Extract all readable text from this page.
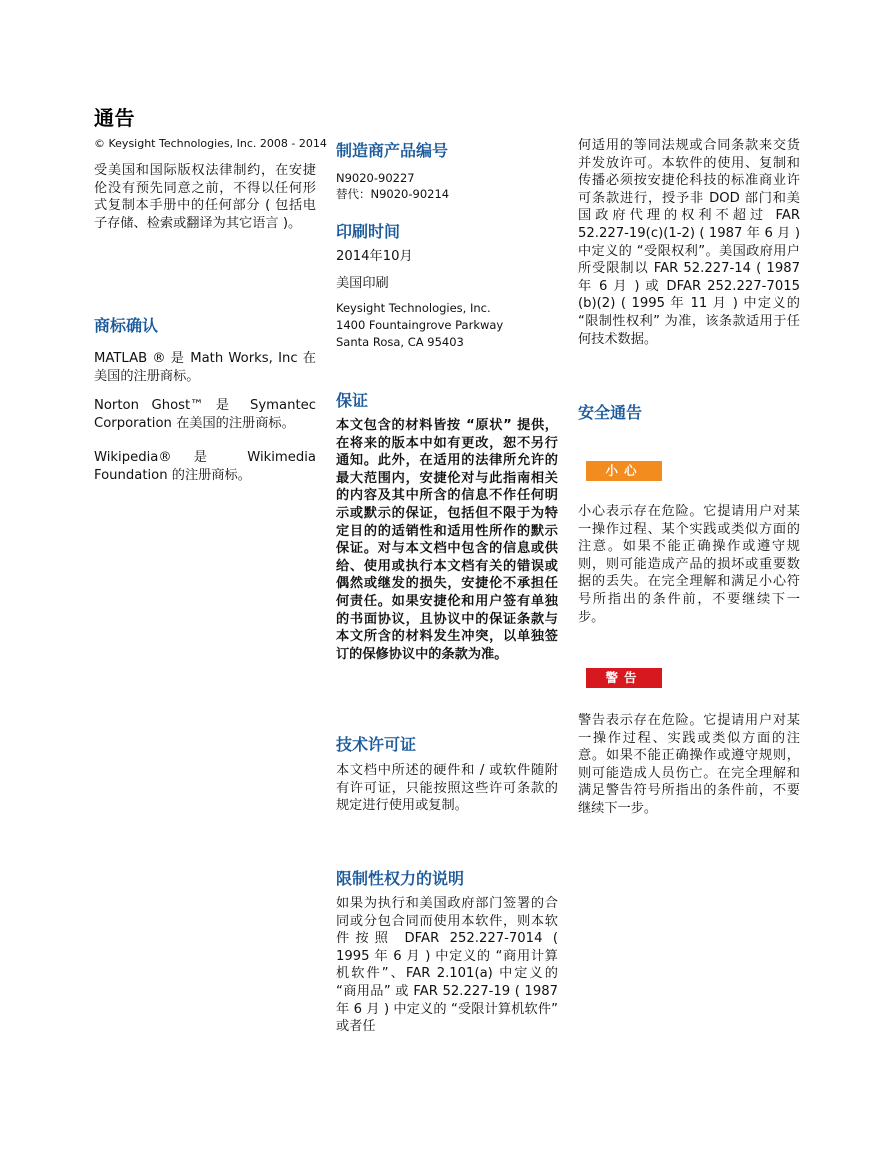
通告
© Keysight Technologies, Inc. 2008 - 2014

受美国和国际版权法律制约，在安捷伦没有预先同意之前，不得以任何形式复制本手册中的任何部分 ( 包括电子存储、检索或翻译为其它语言 )。

商标确认

MATLAB ® 是 Math Works, Inc 在美国的注册商标。

Norton Ghost™ 是 Symantec Corporation 在美国的注册商标。

Wikipedia® 是 Wikimedia Foundation 的注册商标。

制造商产品编号
N9020-90227
替代：N9020-90214
印刷时间
2014年10月
美国印刷
Keysight Technologies, Inc.
1400 Fountaingrove Parkway
Santa Rosa, CA 95403
保证

本文包含的材料皆按 “原状” 提供，在将来的版本中如有更改，恕不另行通知。此外，在适用的法律所允许的最大范围内，安捷伦对与此指南相关的内容及其中所含的信息不作任何明示或默示的保证，包括但不限于为特定目的的适销性和适用性所作的默示保证。对与本文档中包含的信息或供给、使用或执行本文档有关的错误或偶然或继发的损失，安捷伦不承担任何责任。如果安捷伦和用户签有单独的书面协议，且协议中的保证条款与本文所含的材料发生冲突，以单独签订的保修协议中的条款为准。

技术许可证

本文档中所述的硬件和 / 或软件随附有许可证，只能按照这些许可条款的规定进行使用或复制。

限制性权力的说明

如果为执行和美国政府部门签署的合同或分包合同而使用本软件，则本软件按照 DFAR 252.227-7014 ( 1995 年 6 月 ) 中定义的 “商用计算机软件”、FAR 2.101(a) 中定义的 “商用品” 或 FAR 52.227-19 ( 1987 年 6 月 ) 中定义的 “受限计算机软件” 或者任

何适用的等同法规或合同条款来交货并发放许可。本软件的使用、复制和传播必须按安捷伦科技的标准商业许可条款进行，授予非 DOD 部门和美国政府代理的权利不超过 FAR 52.227-19(c)(1-2) ( 1987 年 6 月 ) 中定义的 “受限权利”。美国政府用户所受限制以 FAR 52.227-14 ( 1987 年 6 月 ) 或 DFAR 252.227-7015 (b)(2) ( 1995 年 11 月 ) 中定义的 “限制性权利” 为准，该条款适用于任何技术数据。

安全通告
小心

小心表示存在危险。它提请用户对某一操作过程、某个实践或类似方面的注意。如果不能正确操作或遵守规则，则可能造成产品的损坏或重要数据的丢失。在完全理解和满足小心符号所指出的条件前，不要继续下一步。

警告

警告表示存在危险。它提请用户对某一操作过程、实践或类似方面的注意。如果不能正确操作或遵守规则，则可能造成人员伤亡。在完全理解和满足警告符号所指出的条件前，不要继续下一步。
